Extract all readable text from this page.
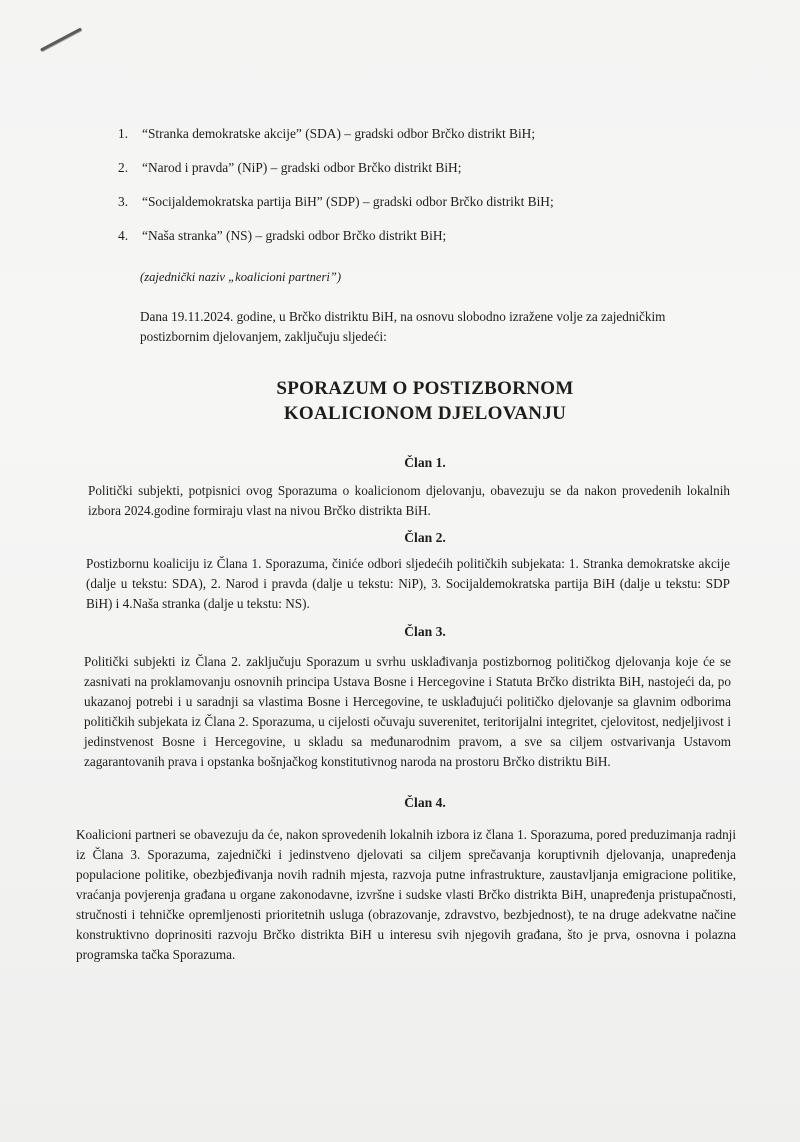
1.	“Stranka demokratske akcije” (SDA) – gradski odbor Brčko distrikt BiH;
2.	“Narod i pravda” (NiP) – gradski odbor Brčko distrikt BiH;
3.	“Socijaldemokratska partija BiH” (SDP) – gradski odbor Brčko distrikt BiH;
4.	“Naša stranka” (NS) – gradski odbor Brčko distrikt BiH;
(zajednički naziv „koalicioni partneri”)
Dana 19.11.2024. godine, u Brčko distriktu BiH, na osnovu slobodno izražene volje za zajedničkim postizbornim djelovanjem, zaključuju sljedeći:
SPORAZUM O POSTIZBORNOM
KOALICIONOM DJELOVANJU
Član 1.
Politički subjekti, potpisnici ovog Sporazuma o koalicionom djelovanju, obavezuju se da nakon provedenih lokalnih izbora 2024.godine formiraju vlast na nivou Brčko distrikta BiH.
Član 2.
Postizbornu koaliciju iz Člana 1. Sporazuma, činiće odbori sljedećih političkih subjekata: 1. Stranka demokratske akcije (dalje u tekstu: SDA), 2. Narod i pravda (dalje u tekstu: NiP), 3. Socijaldemokratska partija BiH (dalje u tekstu: SDP BiH) i 4.Naša stranka (dalje u tekstu: NS).
Član 3.
Politički subjekti iz Člana 2. zaključuju Sporazum u svrhu usklađivanja postizbornog političkog djelovanja koje će se zasnivati na proklamovanju osnovnih principa Ustava Bosne i Hercegovine i Statuta Brčko distrikta BiH, nastojeći da, po ukazanoj potrebi i u saradnji sa vlastima Bosne i Hercegovine, te usklađujući političko djelovanje sa glavnim odborima političkih subjekata iz Člana 2. Sporazuma, u cijelosti očuvaju suverenitet, teritorijalni integritet, cjelovitost, nedjeljivost i jedinstvenost Bosne i Hercegovine, u skladu sa međunarodnim pravom, a sve sa ciljem ostvarivanja Ustavom zagarantovanih prava i opstanka bošnjačkog konstitutivnog naroda na prostoru Brčko distriktu BiH.
Član 4.
Koalicioni partneri se obavezuju da će, nakon sprovedenih lokalnih izbora iz člana 1. Sporazuma, pored preduzimanja radnji iz Člana 3. Sporazuma, zajednički i jedinstveno djelovati sa ciljem sprečavanja koruptivnih djelovanja, unapređenja populacione politike, obezbjeđivanja novih radnih mjesta, razvoja putne infrastrukture, zaustavljanja emigracione politike, vraćanja povjerenja građana u organe zakonodavne, izvršne i sudske vlasti Brčko distrikta BiH, unapređenja pristupačnosti, stručnosti i tehničke opremljenosti prioritetnih usluga (obrazovanje, zdravstvo, bezbjednost), te na druge adekvatne načine konstruktivno doprinositi razvoju Brčko distrikta BiH u interesu svih njegovih građana, što je prva, osnovna i polazna programska tačka Sporazuma.
